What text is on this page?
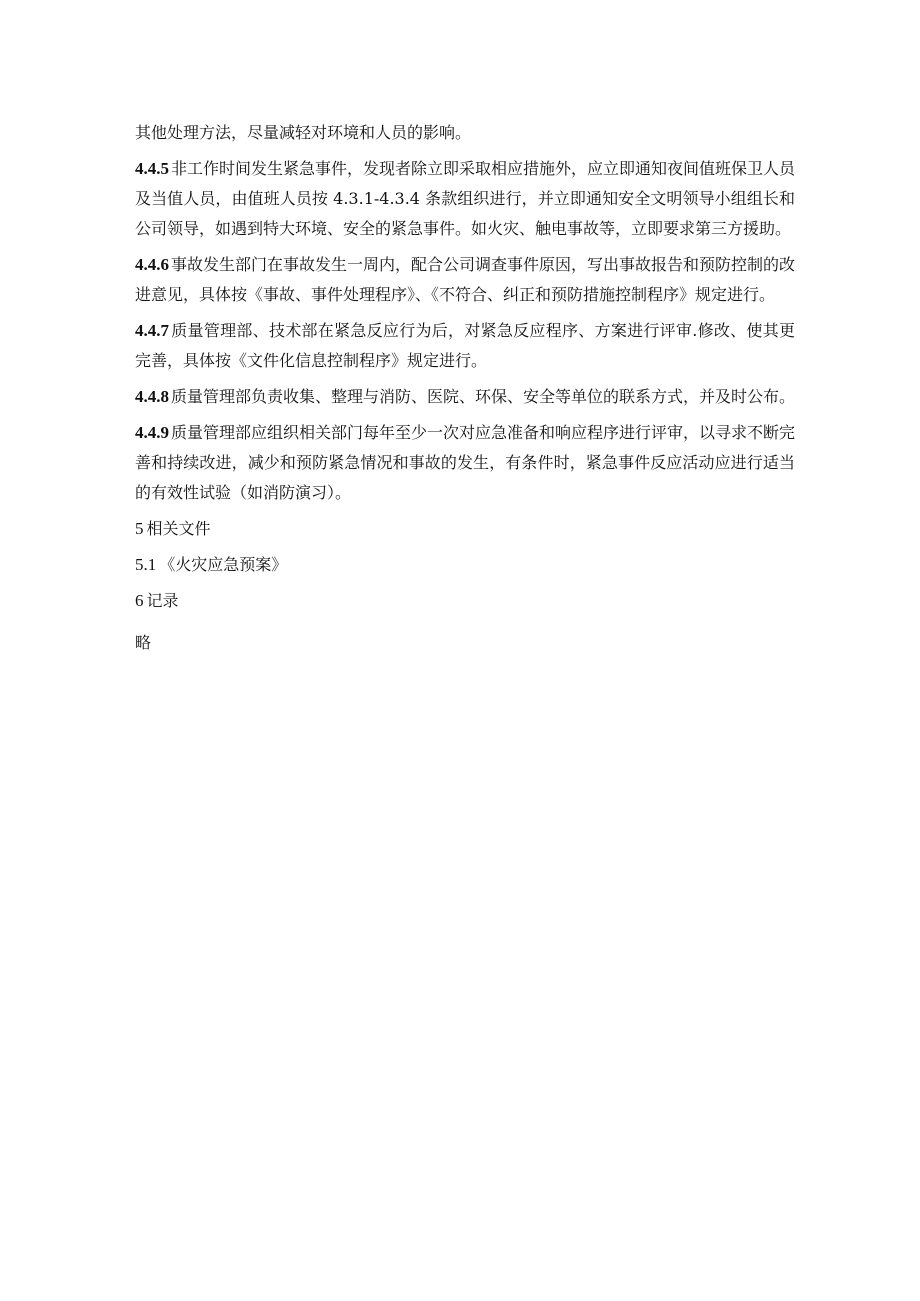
其他处理方法，尽量减轻对环境和人员的影响。

4.4.5 非工作时间发生紧急事件，发现者除立即采取相应措施外，应立即通知夜间值班保卫人员及当值人员，由值班人员按 4.3.1-4.3.4 条款组织进行，并立即通知安全文明领导小组组长和公司领导，如遇到特大环境、安全的紧急事件。如火灾、触电事故等，立即要求第三方援助。

4.4.6 事故发生部门在事故发生一周内，配合公司调查事件原因，写出事故报告和预防控制的改进意见，具体按《事故、事件处理程序》、《不符合、纠正和预防措施控制程序》规定进行。

4.4.7 质量管理部、技术部在紧急反应行为后，对紧急反应程序、方案进行评审.修改、使其更完善，具体按《文件化信息控制程序》规定进行。

4.4.8 质量管理部负责收集、整理与消防、医院、环保、安全等单位的联系方式，并及时公布。

4.4.9 质量管理部应组织相关部门每年至少一次对应急准备和响应程序进行评审，以寻求不断完善和持续改进，减少和预防紧急情况和事故的发生，有条件时，紧急事件反应活动应进行适当的有效性试验（如消防演习）。

5 相关文件

5.1 《火灾应急预案》

6 记录

略
